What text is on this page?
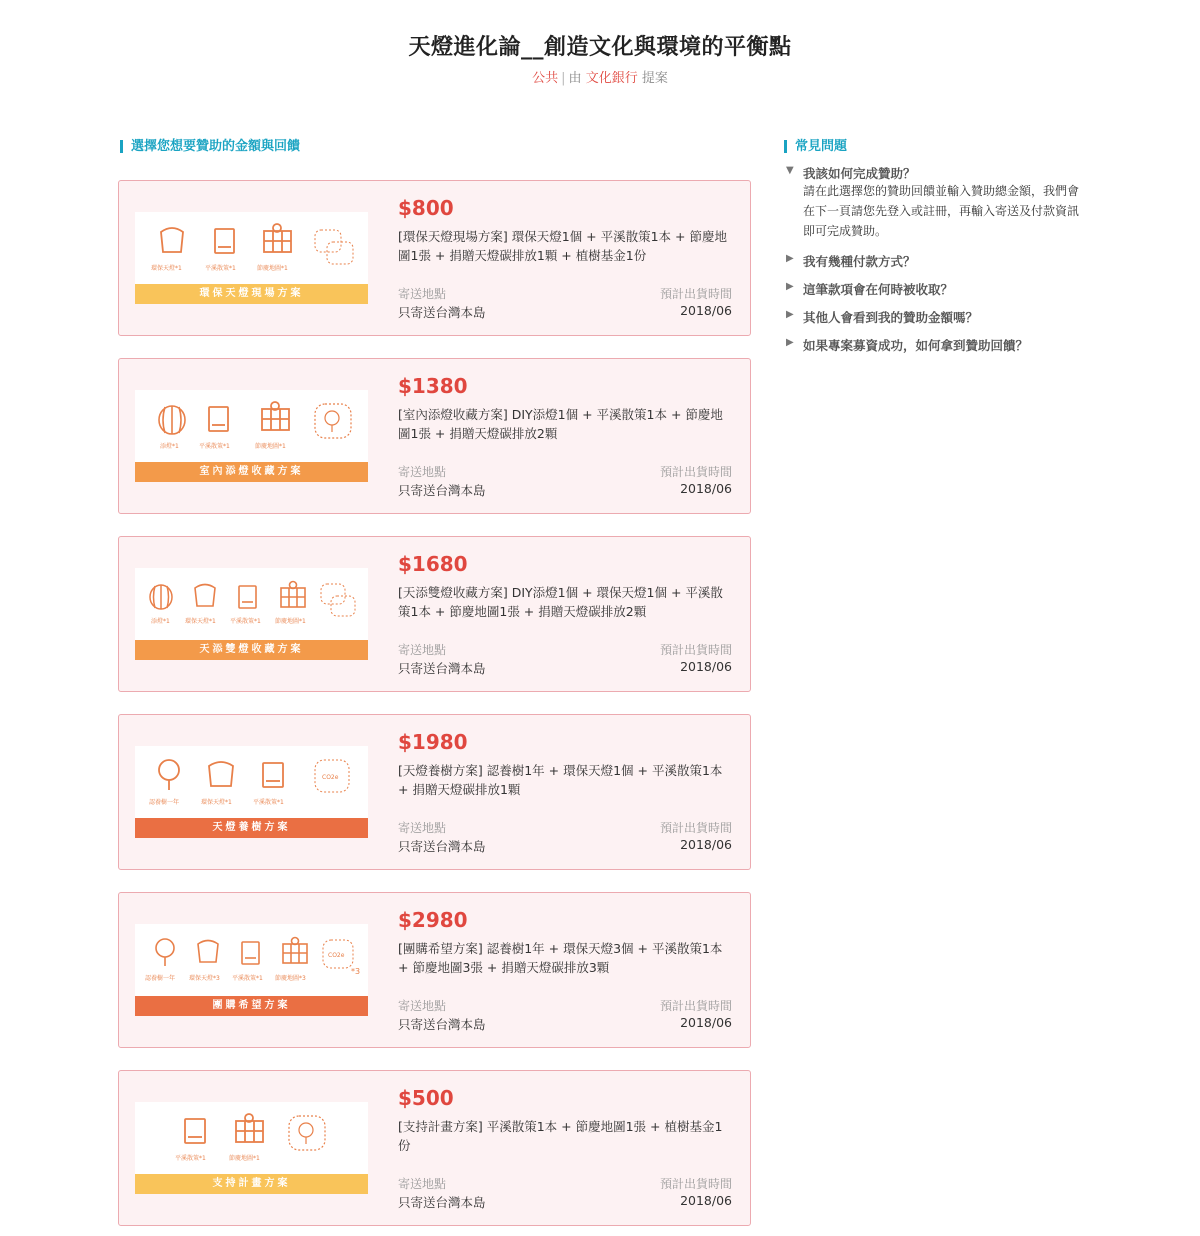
天燈進化論__創造文化與環境的平衡點
公共 | 由 文化銀行 提案
選擇您想要贊助的金額與回饋	常見問題
環保天燈*1	平溪散策*1	節慶地圖*1
環保天燈現場方案
$800
[環保天燈現場方案] 環保天燈1個 + 平溪散策1本 + 節慶地圖1張 + 捐贈天燈碳排放1顆 + 植樹基金1份
寄送地點	預計出貨時間
只寄送台灣本島	2018/06
添燈*1	平溪散策*1	節慶地圖*1
室內添燈收藏方案
$1380
[室內添燈收藏方案] DIY添燈1個 + 平溪散策1本 + 節慶地圖1張 + 捐贈天燈碳排放2顆
寄送地點	預計出貨時間
只寄送台灣本島	2018/06
添燈*1	環保天燈*1 平溪散策*1 節慶地圖*1
天添雙燈收藏方案
$1680
[天添雙燈收藏方案] DIY添燈1個 + 環保天燈1個 + 平溪散策1本 + 節慶地圖1張 + 捐贈天燈碳排放2顆
寄送地點	預計出貨時間
只寄送台灣本島	2018/06
CO2e
認養樹一年	環保天燈*1	平溪散策*1
天燈養樹方案
$1980
[天燈養樹方案] 認養樹1年 + 環保天燈1個 + 平溪散策1本 + 捐贈天燈碳排放1顆
寄送地點	預計出貨時間
只寄送台灣本島	2018/06
CO2e
*3
認養樹一年 環保天燈*3 平溪散策*1 節慶地圖*3
團購希望方案
$2980
[團購希望方案] 認養樹1年 + 環保天燈3個 + 平溪散策1本 + 節慶地圖3張 + 捐贈天燈碳排放3顆
寄送地點	預計出貨時間
只寄送台灣本島	2018/06
平溪散策*1	節慶地圖*1
支持計畫方案
$500
[支持計畫方案] 平溪散策1本 + 節慶地圖1張 + 植樹基金1份
寄送地點	預計出貨時間
只寄送台灣本島	2018/06
▼ 我該如何完成贊助？
請在此選擇您的贊助回饋並輸入贊助總金額，我們會在下一頁請您先登入或註冊，再輸入寄送及付款資訊即可完成贊助。
▶ 我有幾種付款方式？
▶ 這筆款項會在何時被收取？
▶ 其他人會看到我的贊助金額嗎？
▶ 如果專案募資成功，如何拿到贊助回饋？
